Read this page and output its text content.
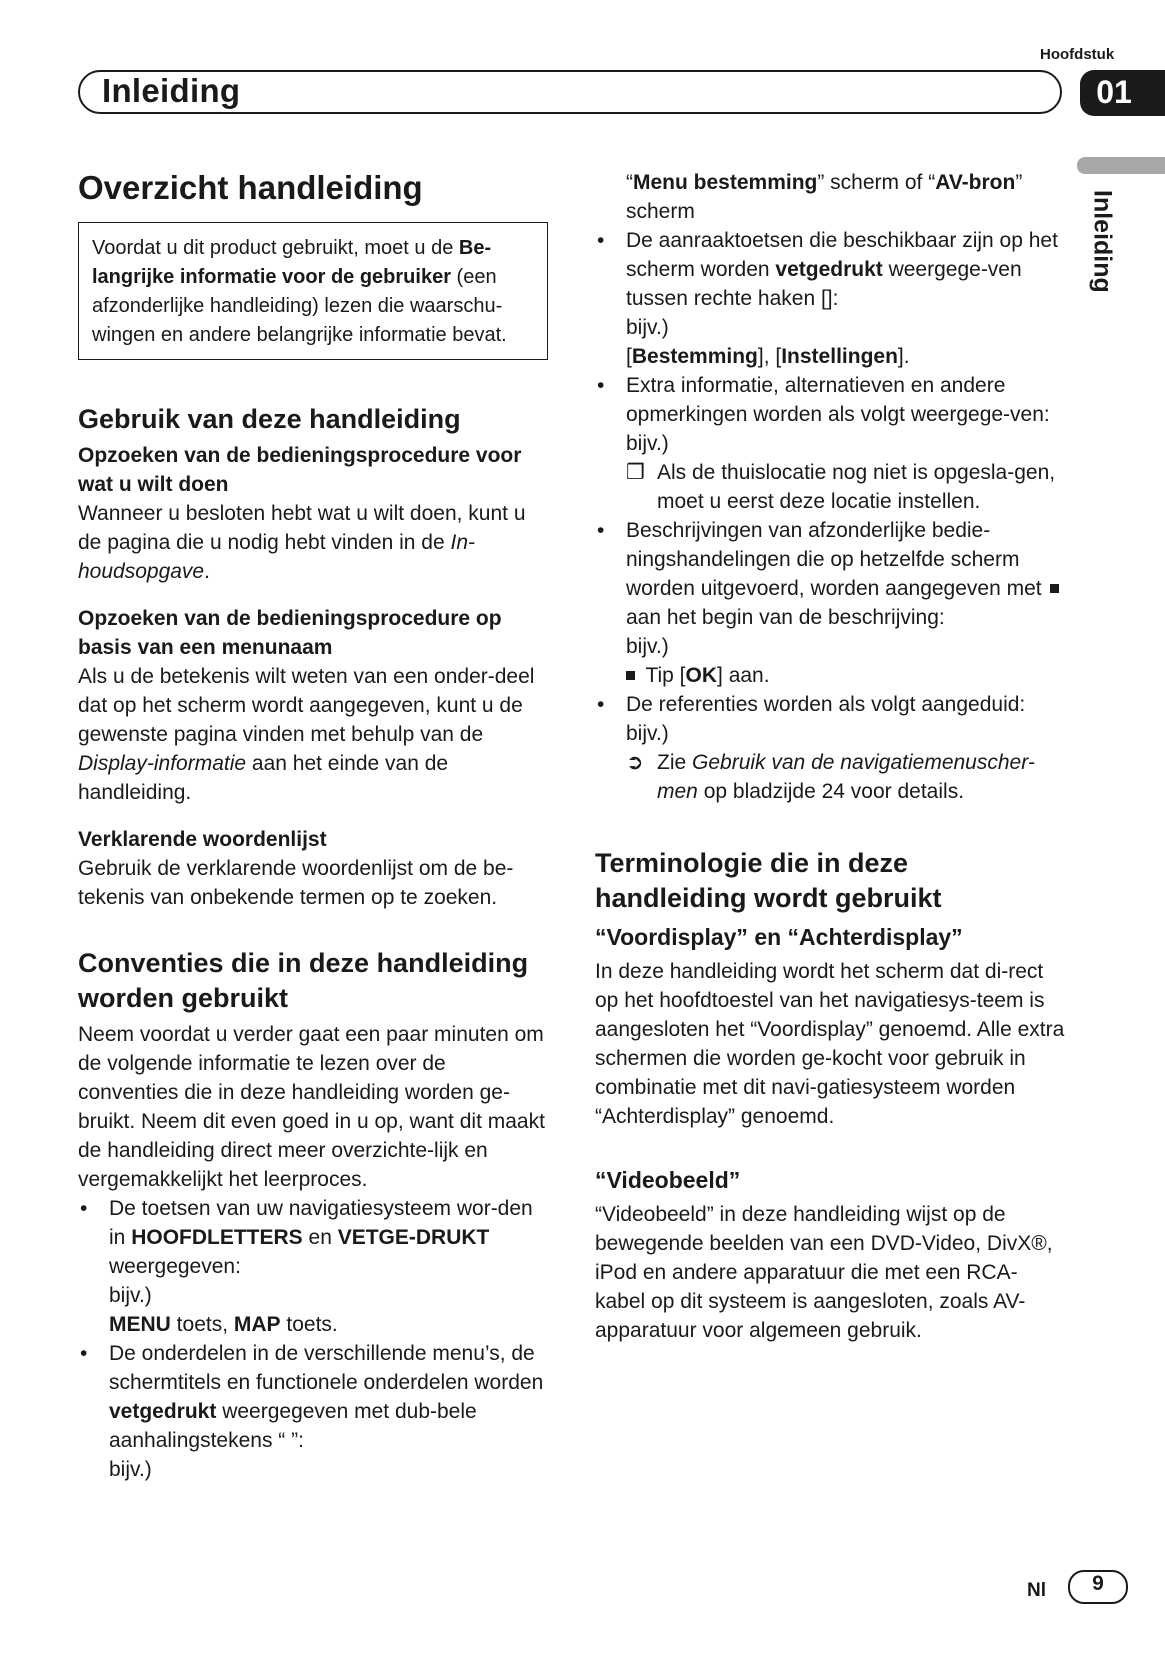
Hoofdstuk
Inleiding	01
Inleiding
Overzicht handleiding
Voordat u dit product gebruikt, moet u de Be-langrijke informatie voor de gebruiker (een afzonderlijke handleiding) lezen die waarschu-wingen en andere belangrijke informatie bevat.
Gebruik van deze handleiding
Opzoeken van de bedieningsprocedure voor wat u wilt doen

Wanneer u besloten hebt wat u wilt doen, kunt u de pagina die u nodig hebt vinden in de In-houdsopgave.

Opzoeken van de bedieningsprocedure op basis van een menunaam

Als u de betekenis wilt weten van een onder-deel dat op het scherm wordt aangegeven, kunt u de gewenste pagina vinden met behulp van de Display-informatie aan het einde van de handleiding.

Verklarende woordenlijst

Gebruik de verklarende woordenlijst om de be-tekenis van onbekende termen op te zoeken.

Conventies die in deze handleiding worden gebruikt

Neem voordat u verder gaat een paar minuten om de volgende informatie te lezen over de conventies die in deze handleiding worden ge-bruikt. Neem dit even goed in u op, want dit maakt de handleiding direct meer overzichte-lijk en vergemakkelijkt het leerproces.

• De toetsen van uw navigatiesysteem wor-den in HOOFDLETTERS en VETGE-DRUKT weergegeven:
bijv.)
MENU toets, MAP toets.
• De onderdelen in de verschillende menu’s, de schermtitels en functionele onderdelen worden vetgedrukt weergegeven met dub-bele aanhalingstekens “ ”:
bijv.)
“Menu bestemming” scherm of “AV-bron” scherm
• De aanraaktoetsen die beschikbaar zijn op het scherm worden vetgedrukt weergege-ven tussen rechte haken []:
bijv.)
[Bestemming], [Instellingen].
• Extra informatie, alternatieven en andere opmerkingen worden als volgt weergege-ven:
bijv.)
❒ Als de thuislocatie nog niet is opgesla-gen, moet u eerst deze locatie instellen.
• Beschrijvingen van afzonderlijke bedie-ningshandelingen die op hetzelfde scherm worden uitgevoerd, worden aangegeven met  aan het begin van de beschrijving:
bijv.)
Tip [OK] aan.
• De referenties worden als volgt aangeduid:
bijv.)
➲ Zie Gebruik van de navigatiemenuscher-men op bladzijde 24 voor details.
Terminologie die in deze handleiding wordt gebruikt
“Voordisplay” en “Achterdisplay”

In deze handleiding wordt het scherm dat di-rect op het hoofdtoestel van het navigatiesys-teem is aangesloten het “Voordisplay” genoemd. Alle extra schermen die worden ge-kocht voor gebruik in combinatie met dit navi-gatiesysteem worden “Achterdisplay” genoemd.

“Videobeeld”

“Videobeeld” in deze handleiding wijst op de bewegende beelden van een DVD-Video, DivX®, iPod en andere apparatuur die met een RCA-kabel op dit systeem is aangesloten, zoals AV-apparatuur voor algemeen gebruik.

Nl	9
